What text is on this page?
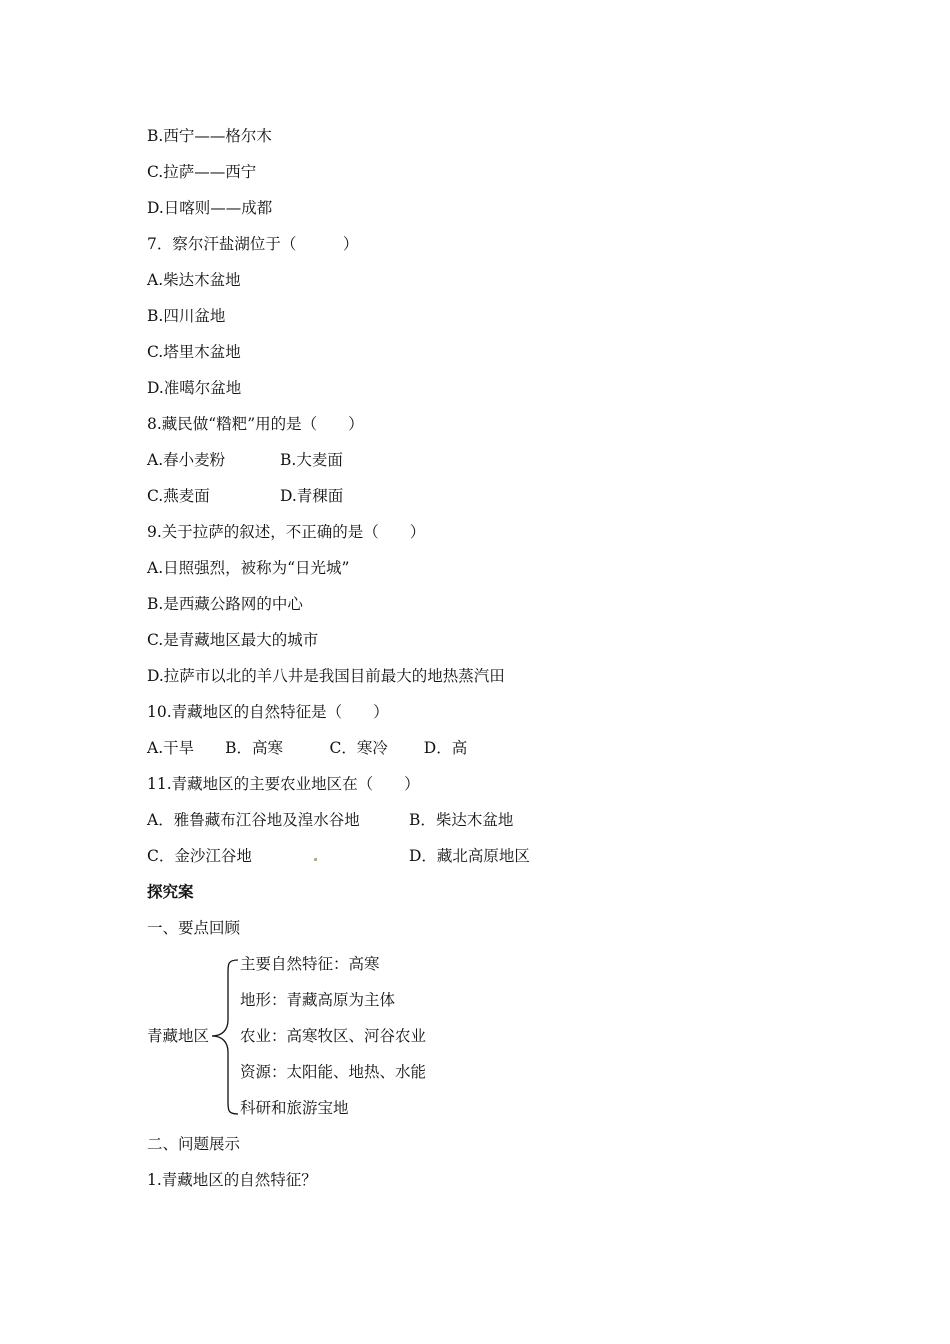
B.西宁——格尔木
C.拉萨——西宁
D.日喀则——成都
7．察尔汗盐湖位于（　　　）
A.柴达木盆地
B.四川盆地
C.塔里木盆地
D.准噶尔盆地
8.藏民做“糌粑”用的是（　　）
A.春小麦粉	B.大麦面
C.燕麦面	D.青稞面
9.关于拉萨的叙述，不正确的是（　　）
A.日照强烈，被称为“日光城”
B.是西藏公路网的中心
C.是青藏地区最大的城市
D.拉萨市以北的羊八井是我国目前最大的地热蒸汽田
10.青藏地区的自然特征是（　　）
A.干旱　　B．高寒　　　C．寒冷　　 D．高
11.青藏地区的主要农业地区在（　　）
A．雅鲁藏布江谷地及湟水谷地	B．柴达木盆地
C．金沙江谷地	D．藏北高原地区
探究案
一、要点回顾
青藏地区
主要自然特征：高寒
地形：青藏高原为主体
农业：高寒牧区、河谷农业
资源：太阳能、地热、水能
科研和旅游宝地
二、问题展示
1.青藏地区的自然特征？
